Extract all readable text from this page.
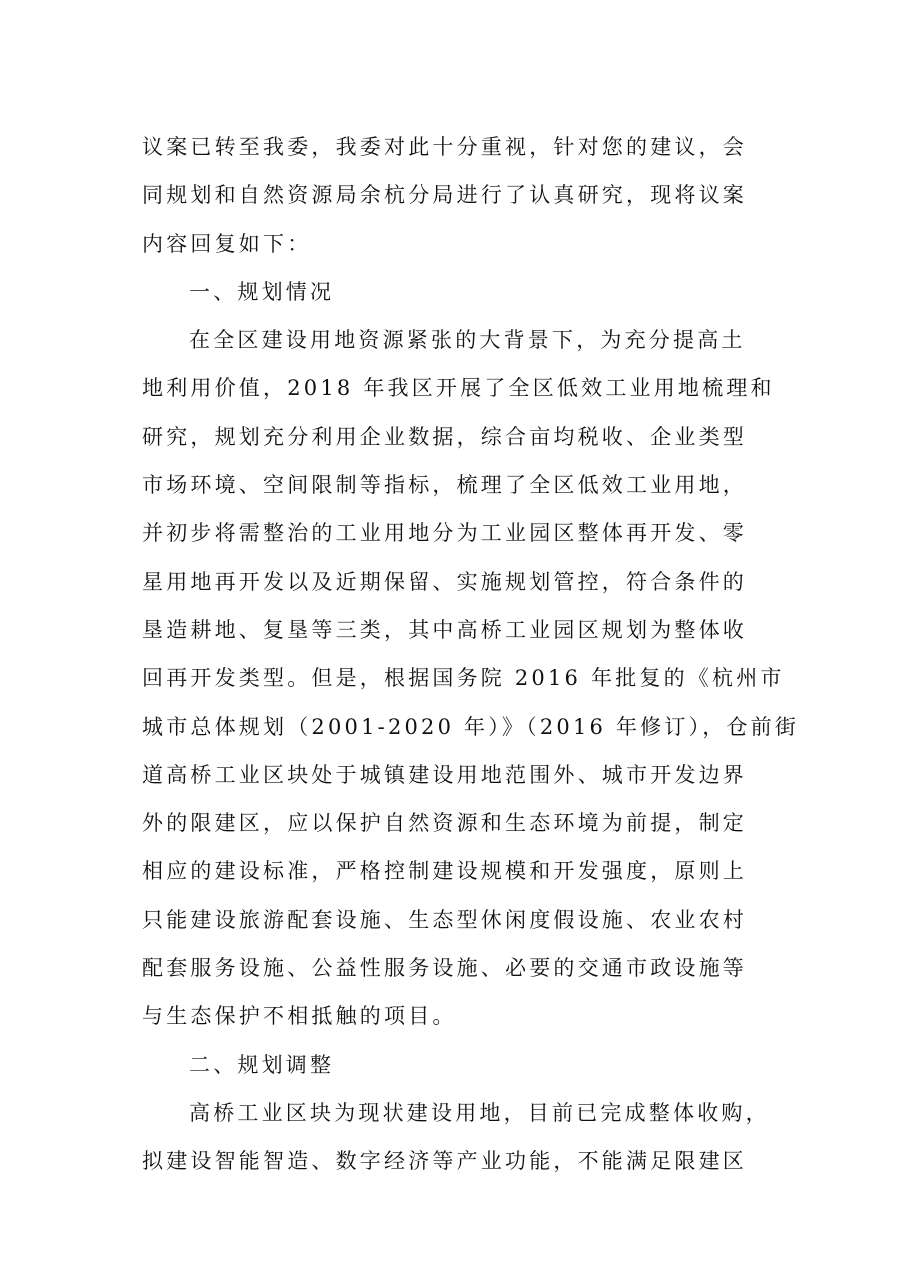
议案已转至我委，我委对此十分重视，针对您的建议，会
同规划和自然资源局余杭分局进行了认真研究，现将议案
内容回复如下：
一、规划情况
在全区建设用地资源紧张的大背景下，为充分提高土
地利用价值，2018 年我区开展了全区低效工业用地梳理和
研究，规划充分利用企业数据，综合亩均税收、企业类型
市场环境、空间限制等指标，梳理了全区低效工业用地，
并初步将需整治的工业用地分为工业园区整体再开发、零
星用地再开发以及近期保留、实施规划管控，符合条件的
垦造耕地、复垦等三类，其中高桥工业园区规划为整体收
回再开发类型。但是，根据国务院 2016 年批复的《杭州市
城市总体规划（2001-2020 年）》（2016 年修订），仓前街
道高桥工业区块处于城镇建设用地范围外、城市开发边界
外的限建区，应以保护自然资源和生态环境为前提，制定
相应的建设标准，严格控制建设规模和开发强度，原则上
只能建设旅游配套设施、生态型休闲度假设施、农业农村
配套服务设施、公益性服务设施、必要的交通市政设施等
与生态保护不相抵触的项目。
二、规划调整
高桥工业区块为现状建设用地，目前已完成整体收购，
拟建设智能智造、数字经济等产业功能，不能满足限建区
